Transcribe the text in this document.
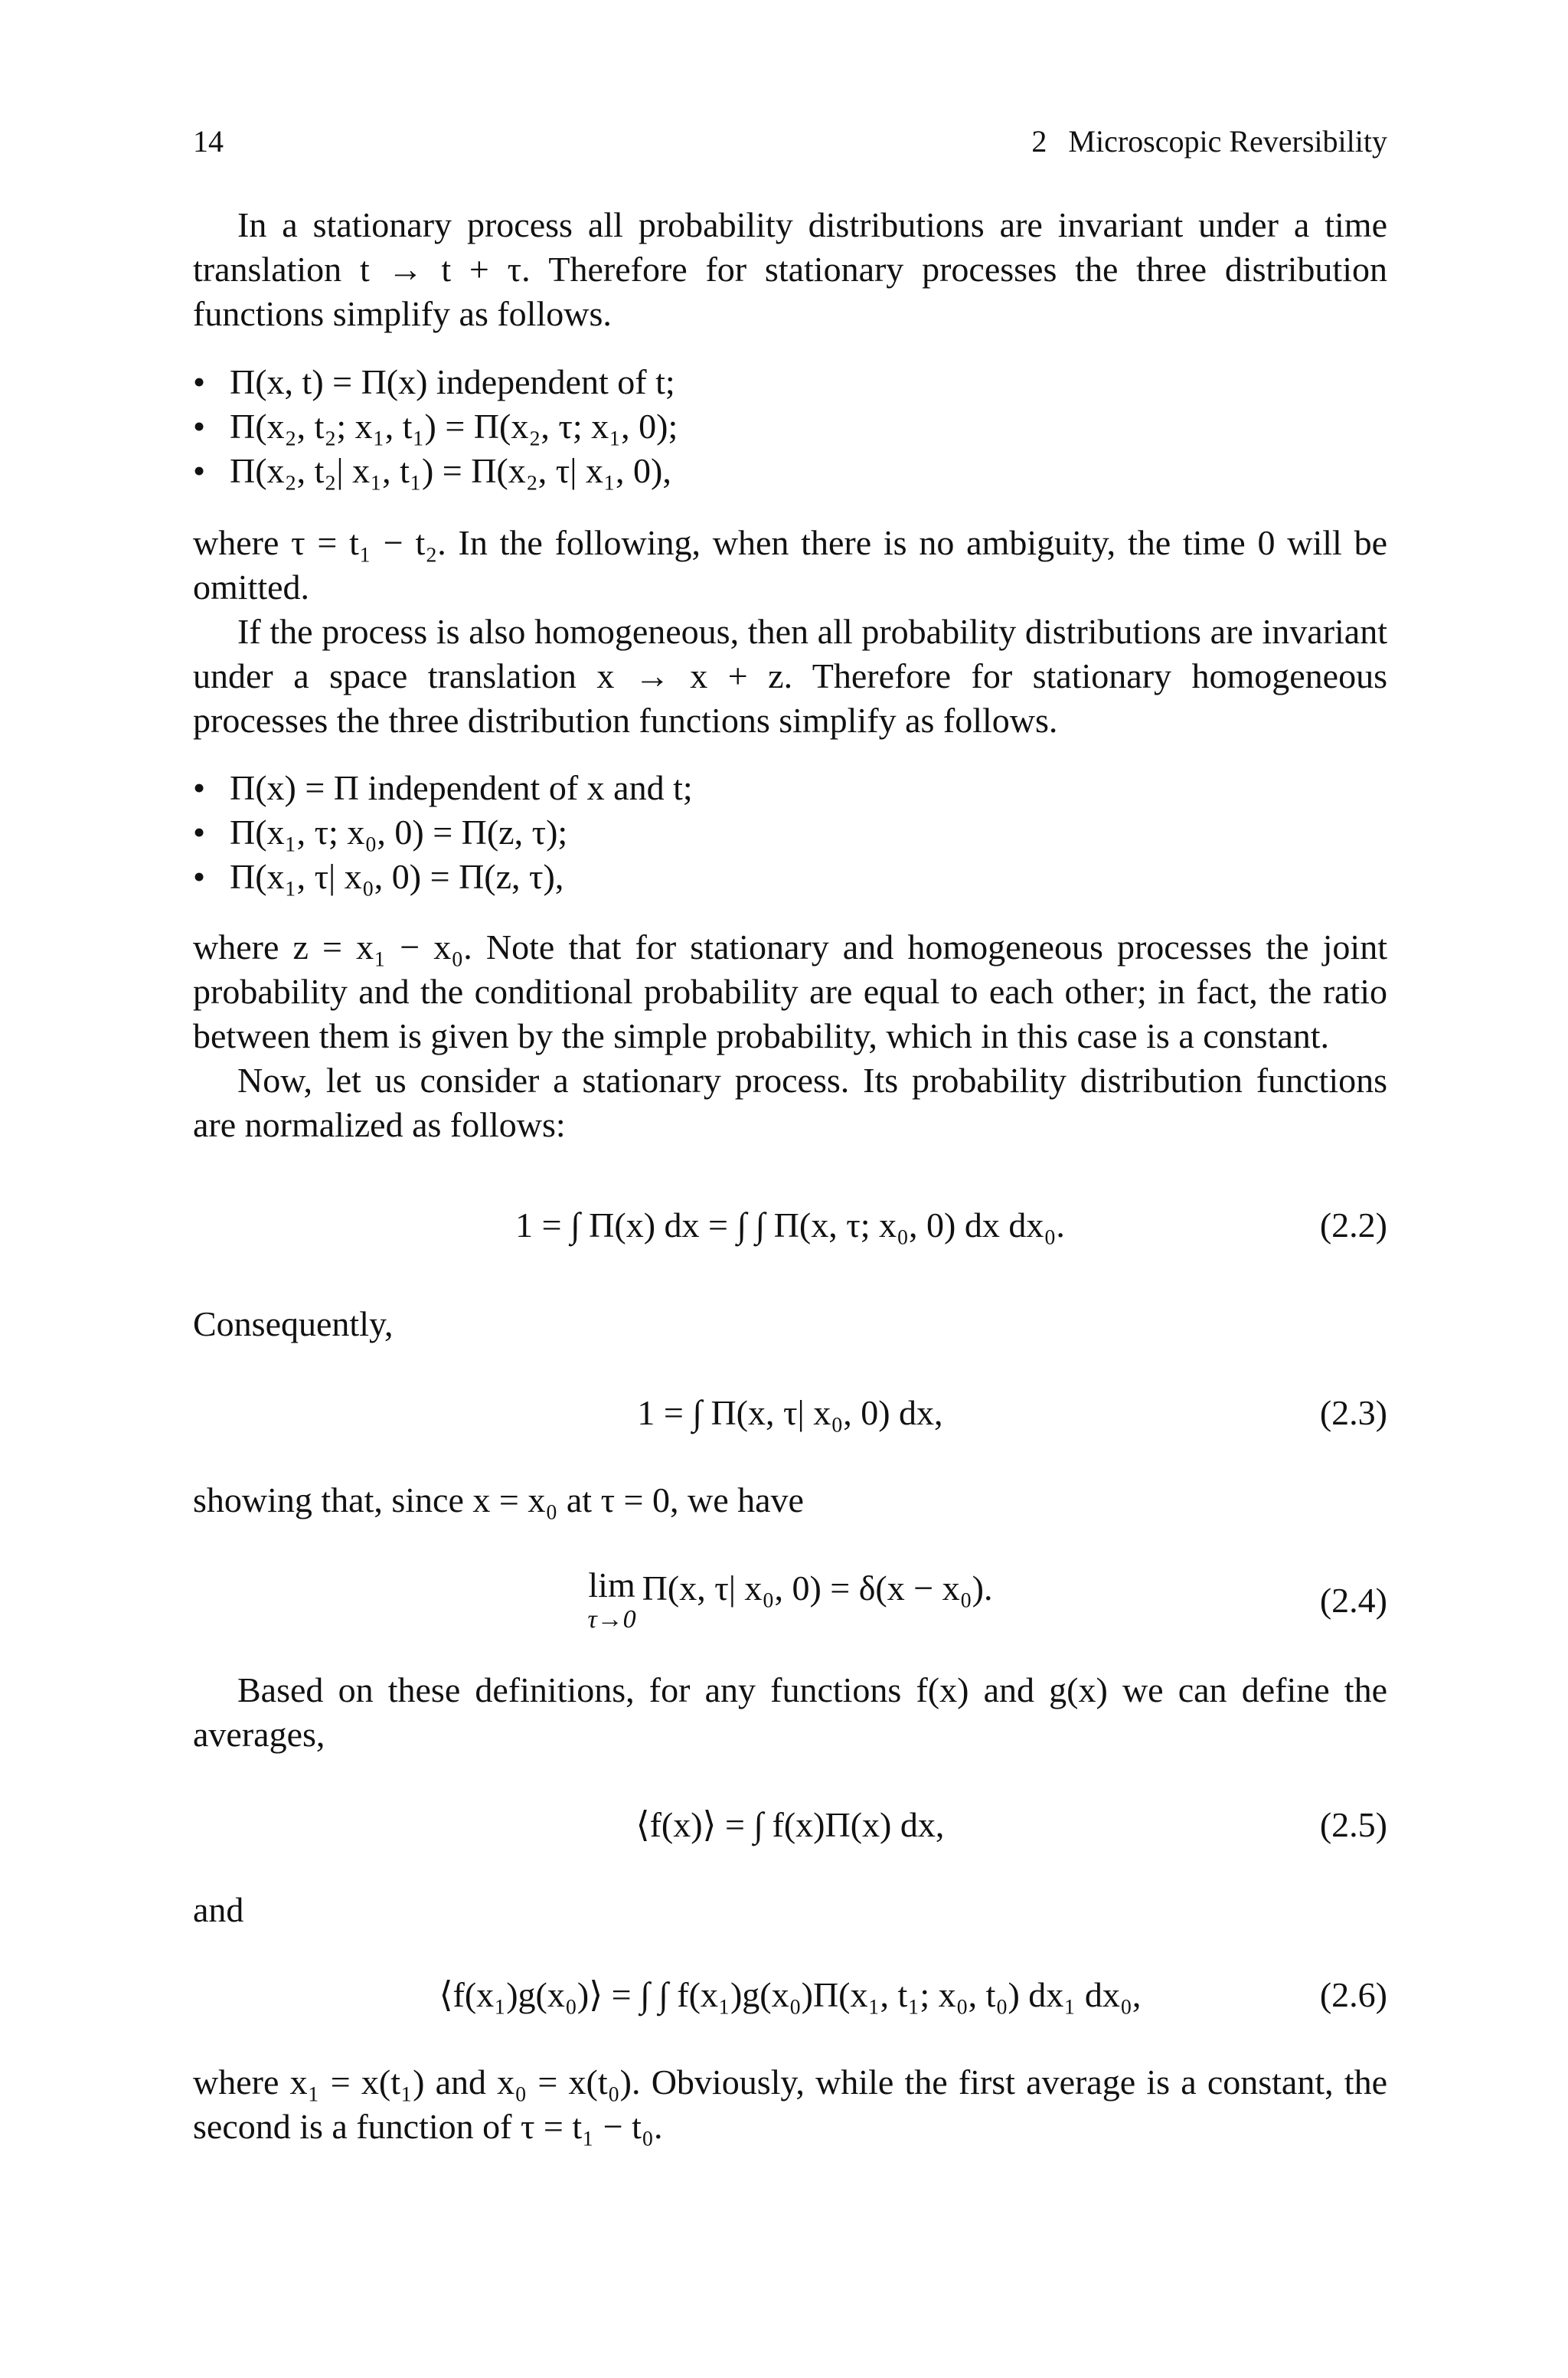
14	2 Microscopic Reversibility

In a stationary process all probability distributions are invariant under a time translation t → t + τ. Therefore for stationary processes the three distribution functions simplify as follows.

• Π(x, t) = Π(x) independent of t;
• Π(x₂, t₂; x₁, t₁) = Π(x₂, τ; x₁, 0);
• Π(x₂, t₂| x₁, t₁) = Π(x₂, τ| x₁, 0),

where τ = t₁ − t₂. In the following, when there is no ambiguity, the time 0 will be omitted.

If the process is also homogeneous, then all probability distributions are invariant under a space translation x → x + z. Therefore for stationary homogeneous processes the three distribution functions simplify as follows.

• Π(x) = Π independent of x and t;
• Π(x₁, τ; x₀, 0) = Π(z, τ);
• Π(x₁, τ| x₀, 0) = Π(z, τ),

where z = x₁ − x₀. Note that for stationary and homogeneous processes the joint probability and the conditional probability are equal to each other; in fact, the ratio between them is given by the simple probability, which in this case is a constant.

Now, let us consider a stationary process. Its probability distribution functions are normalized as follows:

1 = ∫ Π(x) dx = ∫ ∫ Π(x, τ; x₀, 0) dx dx₀.	(2.2)

Consequently,

1 = ∫ Π(x, τ| x₀, 0) dx,	(2.3)

showing that, since x = x₀ at τ = 0, we have

lim
τ→0
Π(x, τ| x₀, 0) = δ(x − x₀).	(2.4)

Based on these definitions, for any functions f(x) and g(x) we can define the averages,

⟨f(x)⟩ = ∫ f(x)Π(x) dx,	(2.5)

and

⟨f(x₁)g(x₀)⟩ = ∫ ∫ f(x₁)g(x₀)Π(x₁, t₁; x₀, t₀) dx₁ dx₀,	(2.6)

where x₁ = x(t₁) and x₀ = x(t₀). Obviously, while the first average is a constant, the second is a function of τ = t₁ − t₀.
